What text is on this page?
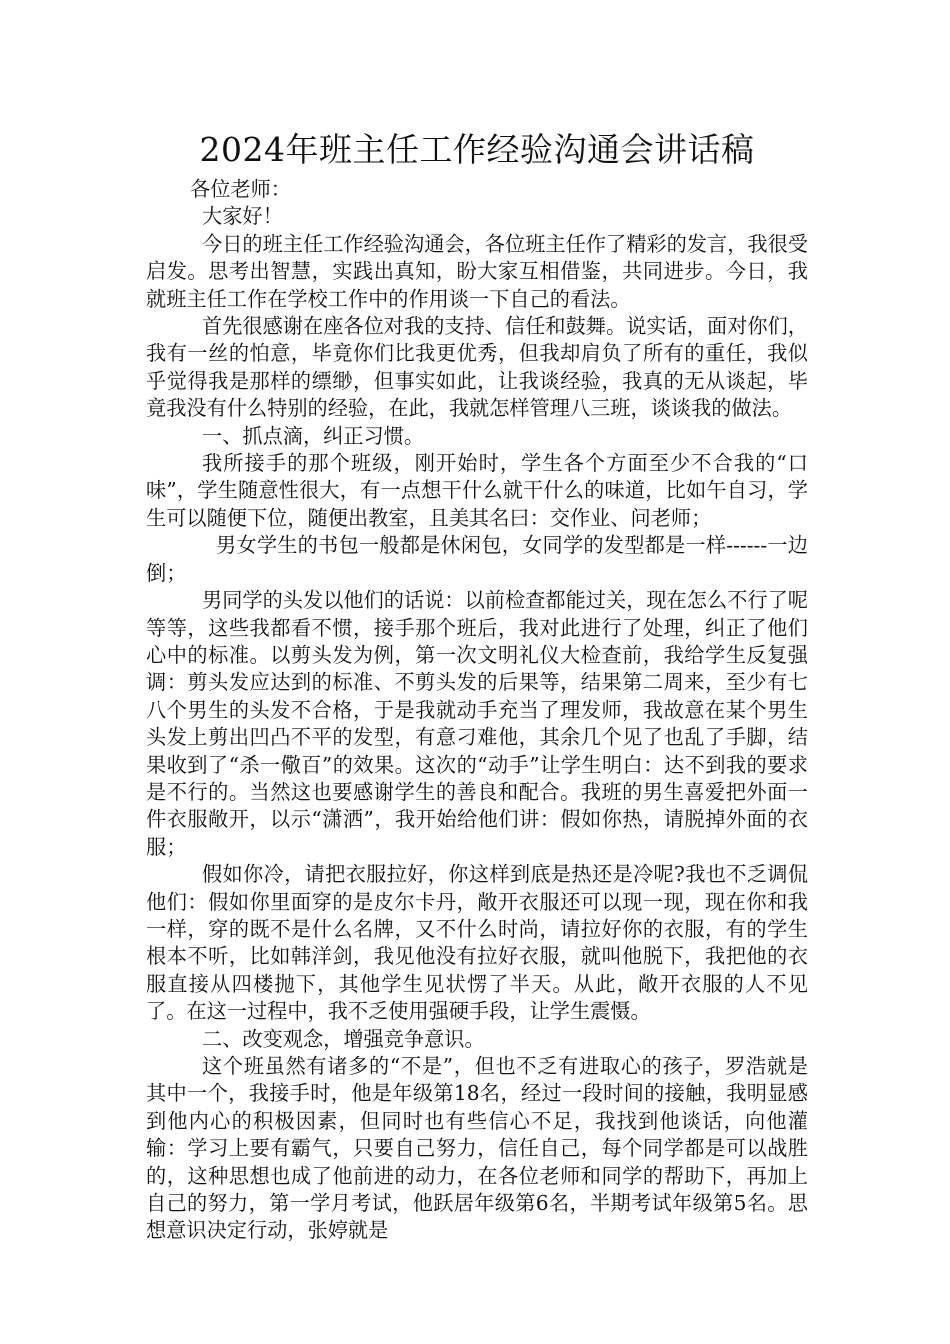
2024年班主任工作经验沟通会讲话稿

各位老师：

大家好！

今日的班主任工作经验沟通会，各位班主任作了精彩的发言，我很受启发。思考出智慧，实践出真知，盼大家互相借鉴，共同进步。今日，我就班主任工作在学校工作中的作用谈一下自己的看法。

首先很感谢在座各位对我的支持、信任和鼓舞。说实话，面对你们，我有一丝的怕意，毕竟你们比我更优秀，但我却肩负了所有的重任，我似乎觉得我是那样的缥缈，但事实如此，让我谈经验，我真的无从谈起，毕竟我没有什么特别的经验，在此，我就怎样管理八三班，谈谈我的做法。

一、抓点滴，纠正习惯。

我所接手的那个班级，刚开始时，学生各个方面至少不合我的“口味”，学生随意性很大，有一点想干什么就干什么的味道，比如午自习，学生可以随便下位，随便出教室，且美其名曰：交作业、问老师；

男女学生的书包一般都是休闲包，女同学的发型都是一样------一边倒；

男同学的头发以他们的话说：以前检查都能过关，现在怎么不行了呢等等，这些我都看不惯，接手那个班后，我对此进行了处理，纠正了他们心中的标准。以剪头发为例，第一次文明礼仪大检查前，我给学生反复强调：剪头发应达到的标准、不剪头发的后果等，结果第二周来，至少有七八个男生的头发不合格，于是我就动手充当了理发师，我故意在某个男生头发上剪出凹凸不平的发型，有意刁难他，其余几个见了也乱了手脚，结果收到了“杀一儆百”的效果。这次的“动手”让学生明白：达不到我的要求是不行的。当然这也要感谢学生的善良和配合。我班的男生喜爱把外面一件衣服敞开，以示“潇洒”，我开始给他们讲：假如你热，请脱掉外面的衣服；

假如你冷，请把衣服拉好，你这样到底是热还是冷呢?我也不乏调侃他们：假如你里面穿的是皮尔卡丹，敞开衣服还可以现一现，现在你和我一样，穿的既不是什么名牌，又不什么时尚，请拉好你的衣服，有的学生根本不听，比如韩洋剑，我见他没有拉好衣服，就叫他脱下，我把他的衣服直接从四楼抛下，其他学生见状愣了半天。从此，敞开衣服的人不见了。在这一过程中，我不乏使用强硬手段，让学生震慑。

二、改变观念，增强竞争意识。

这个班虽然有诸多的“不是”，但也不乏有进取心的孩子，罗浩就是其中一个，我接手时，他是年级第18名，经过一段时间的接触，我明显感到他内心的积极因素，但同时也有些信心不足，我找到他谈话，向他灌输：学习上要有霸气，只要自己努力，信任自己，每个同学都是可以战胜的，这种思想也成了他前进的动力，在各位老师和同学的帮助下，再加上自己的努力，第一学月考试，他跃居年级第6名，半期考试年级第5名。思想意识决定行动，张婷就是
